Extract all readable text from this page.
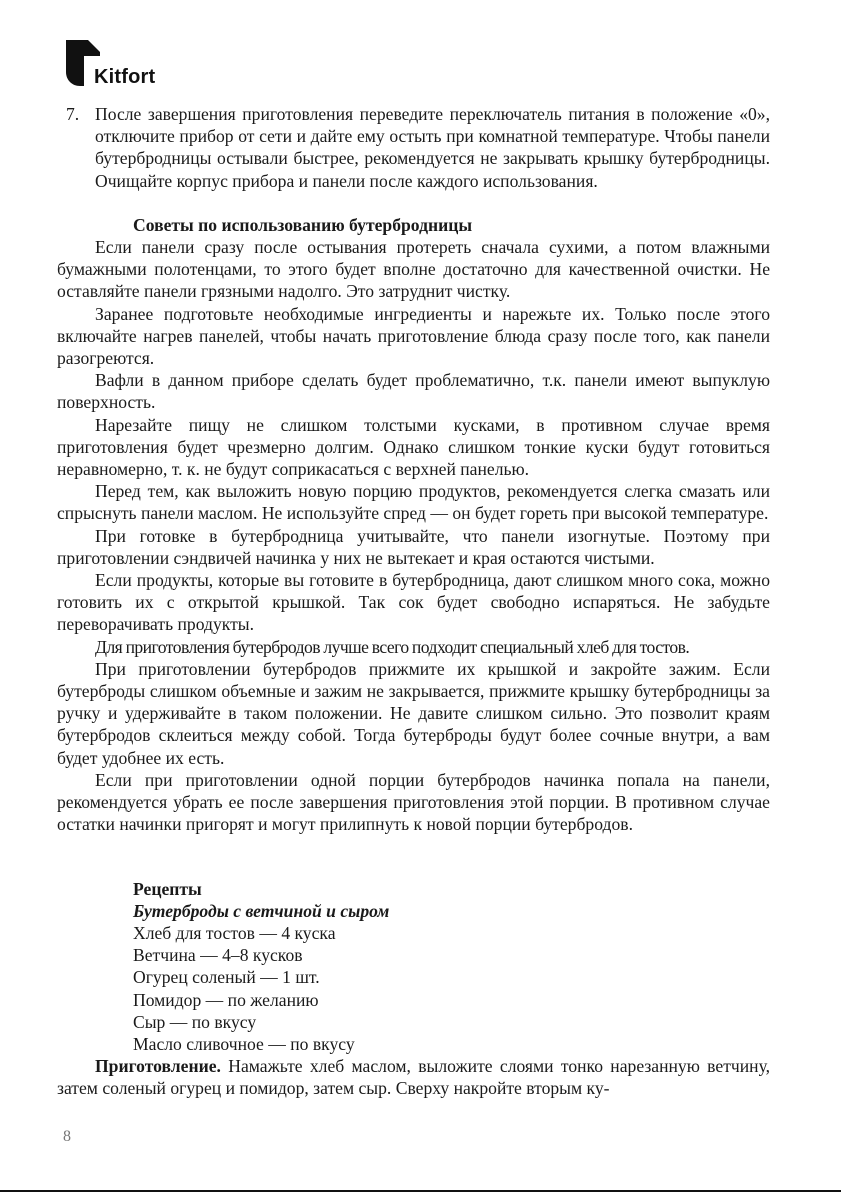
Kitfort
7. После завершения приготовления переведите переключатель питания в положение «0», отключите прибор от сети и дайте ему остыть при комнатной температуре. Чтобы панели бутербродницы остывали быстрее, рекомендуется не закрывать крышку бутербродницы. Очищайте корпус прибора и панели после каждого использования.

Советы по использованию бутербродницы

Если панели сразу после остывания протереть сначала сухими, а потом влажными бумажными полотенцами, то этого будет вполне достаточно для качественной очистки. Не оставляйте панели грязными надолго. Это затруднит чистку.

Заранее подготовьте необходимые ингредиенты и нарежьте их. Только после этого включайте нагрев панелей, чтобы начать приготовление блюда сразу после того, как панели разогреются.

Вафли в данном приборе сделать будет проблематично, т.к. панели имеют выпуклую поверхность.

Нарезайте пищу не слишком толстыми кусками, в противном случае время приготовления будет чрезмерно долгим. Однако слишком тонкие куски будут готовиться неравномерно, т. к. не будут соприкасаться с верхней панелью.

Перед тем, как выложить новую порцию продуктов, рекомендуется слегка смазать или спрыснуть панели маслом. Не используйте спред — он будет гореть при высокой температуре.

При готовке в бутербродница учитывайте, что панели изогнутые. Поэтому при приготовлении сэндвичей начинка у них не вытекает и края остаются чистыми.

Если продукты, которые вы готовите в бутербродница, дают слишком много сока, можно готовить их с открытой крышкой. Так сок будет свободно испаряться. Не забудьте переворачивать продукты.

Для приготовления бутербродов лучше всего подходит специальный хлеб для тостов.

При приготовлении бутербродов прижмите их крышкой и закройте зажим. Если бутерброды слишком объемные и зажим не закрывается, прижмите крышку бутербродницы за ручку и удерживайте в таком положении. Не давите слишком сильно. Это позволит краям бутербродов склеиться между собой. Тогда бутерброды будут более сочные внутри, а вам будет удобнее их есть.

Если при приготовлении одной порции бутербродов начинка попала на панели, рекомендуется убрать ее после завершения приготовления этой порции. В противном случае остатки начинки пригорят и могут прилипнуть к новой порции бутербродов.

Рецепты

Бутерброды с ветчиной и сыром

Хлеб для тостов — 4 куска

Ветчина — 4–8 кусков

Огурец соленый — 1 шт.

Помидор — по желанию

Сыр — по вкусу

Масло сливочное — по вкусу

Приготовление. Намажьте хлеб маслом, выложите слоями тонко нарезанную ветчину, затем соленый огурец и помидор, затем сыр. Сверху накройте вторым ку-

8
